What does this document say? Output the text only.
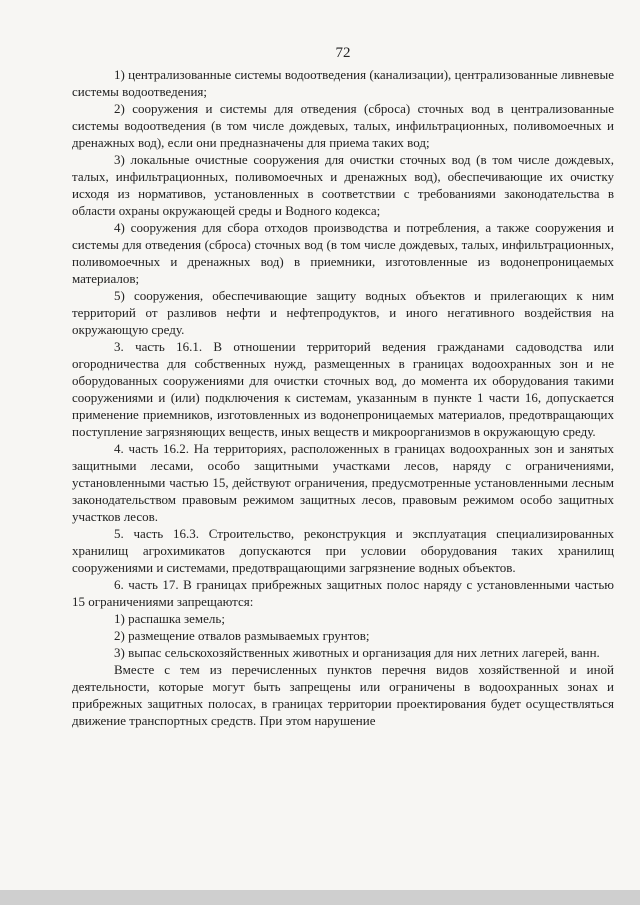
72

1) централизованные системы водоотведения (канализации), централизованные ливневые системы водоотведения;

2) сооружения и системы для отведения (сброса) сточных вод в централизованные системы водоотведения (в том числе дождевых, талых, инфильтрационных, поливомоечных и дренажных вод), если они предназначены для приема таких вод;

3) локальные очистные сооружения для очистки сточных вод (в том числе дождевых, талых, инфильтрационных, поливомоечных и дренажных вод), обеспечивающие их очистку исходя из нормативов, установленных в соответствии с требованиями законодательства в области охраны окружающей среды и Водного кодекса;

4) сооружения для сбора отходов производства и потребления, а также сооружения и системы для отведения (сброса) сточных вод (в том числе дождевых, талых, инфильтрационных, поливомоечных и дренажных вод) в приемники, изготовленные из водонепроницаемых материалов;

5) сооружения, обеспечивающие защиту водных объектов и прилегающих к ним территорий от разливов нефти и нефтепродуктов, и иного негативного воздействия на окружающую среду.

3. часть 16.1. В отношении территорий ведения гражданами садоводства или огородничества для собственных нужд, размещенных в границах водоохранных зон и не оборудованных сооружениями для очистки сточных вод, до момента их оборудования такими сооружениями и (или) подключения к системам, указанным в пункте 1 части 16, допускается применение приемников, изготовленных из водонепроницаемых материалов, предотвращающих поступление загрязняющих веществ, иных веществ и микроорганизмов в окружающую среду.

4. часть 16.2. На территориях, расположенных в границах водоохранных зон и занятых защитными лесами, особо защитными участками лесов, наряду с ограничениями, установленными частью 15, действуют ограничения, предусмотренные установленными лесным законодательством правовым режимом защитных лесов, правовым режимом особо защитных участков лесов.

5. часть 16.3. Строительство, реконструкция и эксплуатация специализированных хранилищ агрохимикатов допускаются при условии оборудования таких хранилищ сооружениями и системами, предотвращающими загрязнение водных объектов.

6. часть 17. В границах прибрежных защитных полос наряду с установленными частью 15 ограничениями запрещаются:

1) распашка земель;

2) размещение отвалов размываемых грунтов;

3) выпас сельскохозяйственных животных и организация для них летних лагерей, ванн.

Вместе с тем из перечисленных пунктов перечня видов хозяйственной и иной деятельности, которые могут быть запрещены или ограничены в водоохранных зонах и прибрежных защитных полосах, в границах территории проектирования будет осуществляться движение транспортных средств. При этом нарушение
